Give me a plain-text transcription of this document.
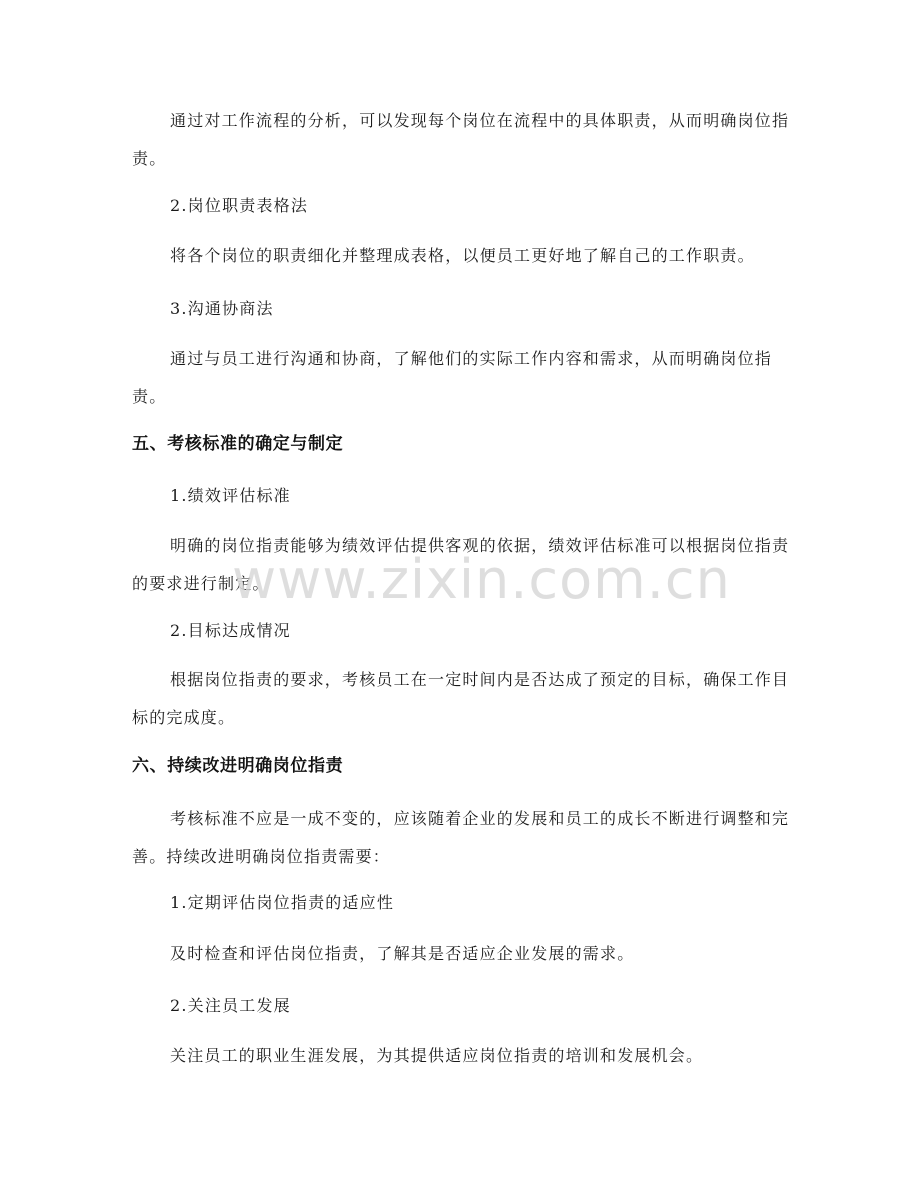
通过对工作流程的分析，可以发现每个岗位在流程中的具体职责，从而明确岗位指责。

2.岗位职责表格法

将各个岗位的职责细化并整理成表格，以便员工更好地了解自己的工作职责。

3.沟通协商法

通过与员工进行沟通和协商，了解他们的实际工作内容和需求，从而明确岗位指责。

五、考核标准的确定与制定

1.绩效评估标准

明确的岗位指责能够为绩效评估提供客观的依据，绩效评估标准可以根据岗位指责的要求进行制定。

2.目标达成情况

根据岗位指责的要求，考核员工在一定时间内是否达成了预定的目标，确保工作目标的完成度。

六、持续改进明确岗位指责

考核标准不应是一成不变的，应该随着企业的发展和员工的成长不断进行调整和完善。持续改进明确岗位指责需要：

1.定期评估岗位指责的适应性

及时检查和评估岗位指责，了解其是否适应企业发展的需求。

2.关注员工发展

关注员工的职业生涯发展，为其提供适应岗位指责的培训和发展机会。

www.zixin.com.cn
